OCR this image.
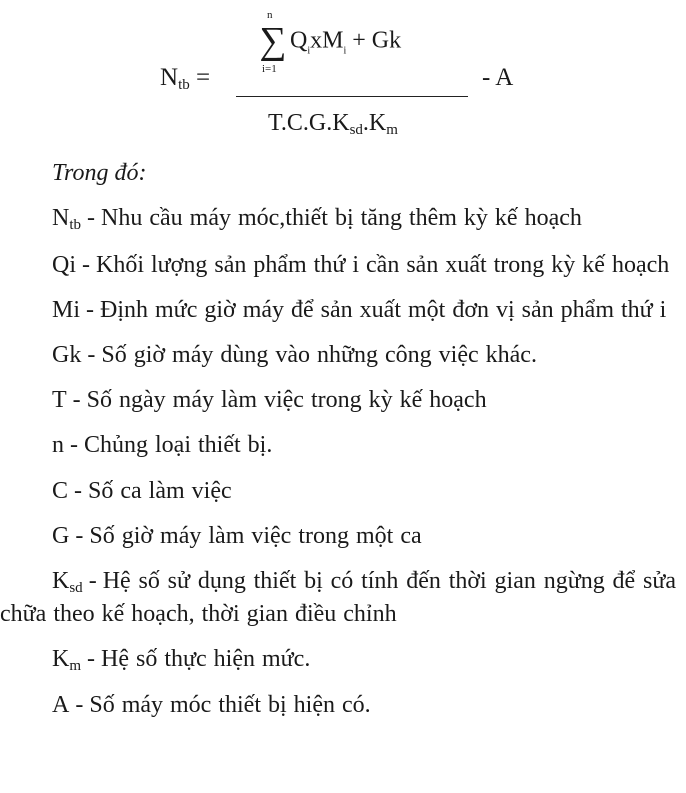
$N_{tb}$ =
n
∑
i=1
$Q_ixM_i + Gk$
$T.C.G.K_{sd}.K_m$
- A

Trong đó:

$N_{tb}$ - Nhu cầu máy móc,thiết bị tăng thêm kỳ kế hoạch

Qi - Khối lượng sản phẩm thứ i cần sản xuất trong kỳ kế hoạch

Mi - Định mức giờ máy để sản xuất một đơn vị sản phẩm thứ i

Gk - Số giờ máy dùng vào những công việc khác.

T - Số ngày máy làm việc trong kỳ kế hoạch

n - Chủng loại thiết bị.

C - Số ca làm việc

G - Số giờ máy làm việc trong một ca

$K_{sd}$ - Hệ số sử dụng thiết bị có tính đến thời gian ngừng để sửa chữa theo kế hoạch, thời gian điều chỉnh

$K_m$ - Hệ số thực hiện mức.

A - Số máy móc thiết bị hiện có.
